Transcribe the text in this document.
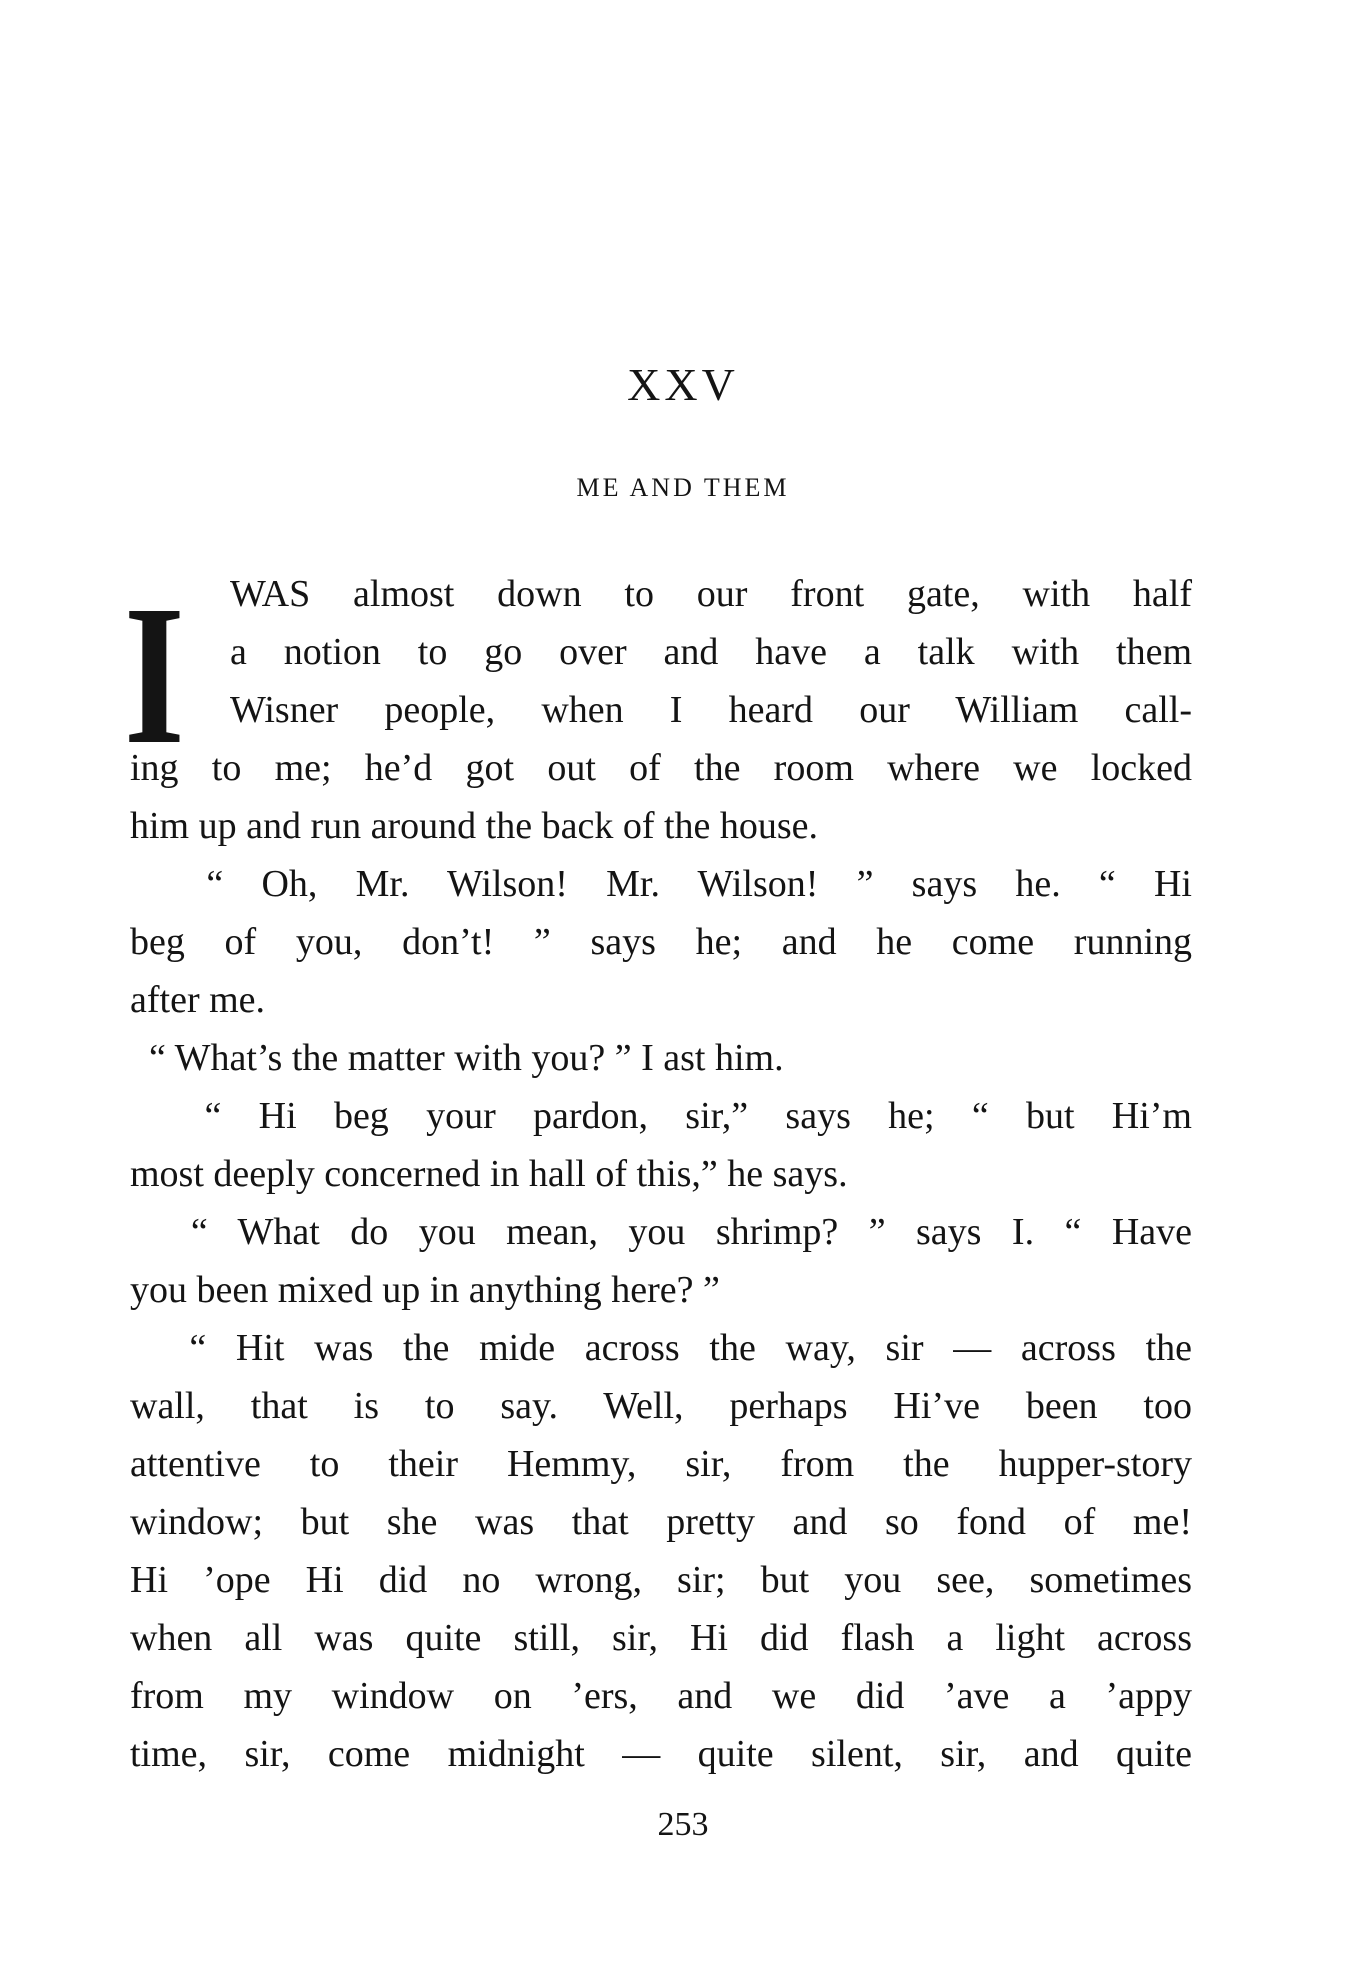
XXV
ME AND THEM
I WAS almost down to our front gate, with half
a notion to go over and have a talk with them
Wisner people, when I heard our William call-
ing to me; he’d got out of the room where we locked
him up and run around the back of the house.
“ Oh, Mr. Wilson! Mr. Wilson! ” says he. “ Hi
beg of you, don’t! ” says he; and he come running
after me.
“ What’s the matter with you? ” I ast him.
“ Hi beg your pardon, sir,” says he; “ but Hi’m
most deeply concerned in hall of this,” he says.
“ What do you mean, you shrimp? ” says I. “ Have
you been mixed up in anything here? ”
“ Hit was the mide across the way, sir — across the
wall, that is to say. Well, perhaps Hi’ve been too
attentive to their Hemmy, sir, from the hupper-story
window; but she was that pretty and so fond of me!
Hi ’ope Hi did no wrong, sir; but you see, sometimes
when all was quite still, sir, Hi did flash a light across
from my window on ’ers, and we did ’ave a ’appy
time, sir, come midnight — quite silent, sir, and quite
253
